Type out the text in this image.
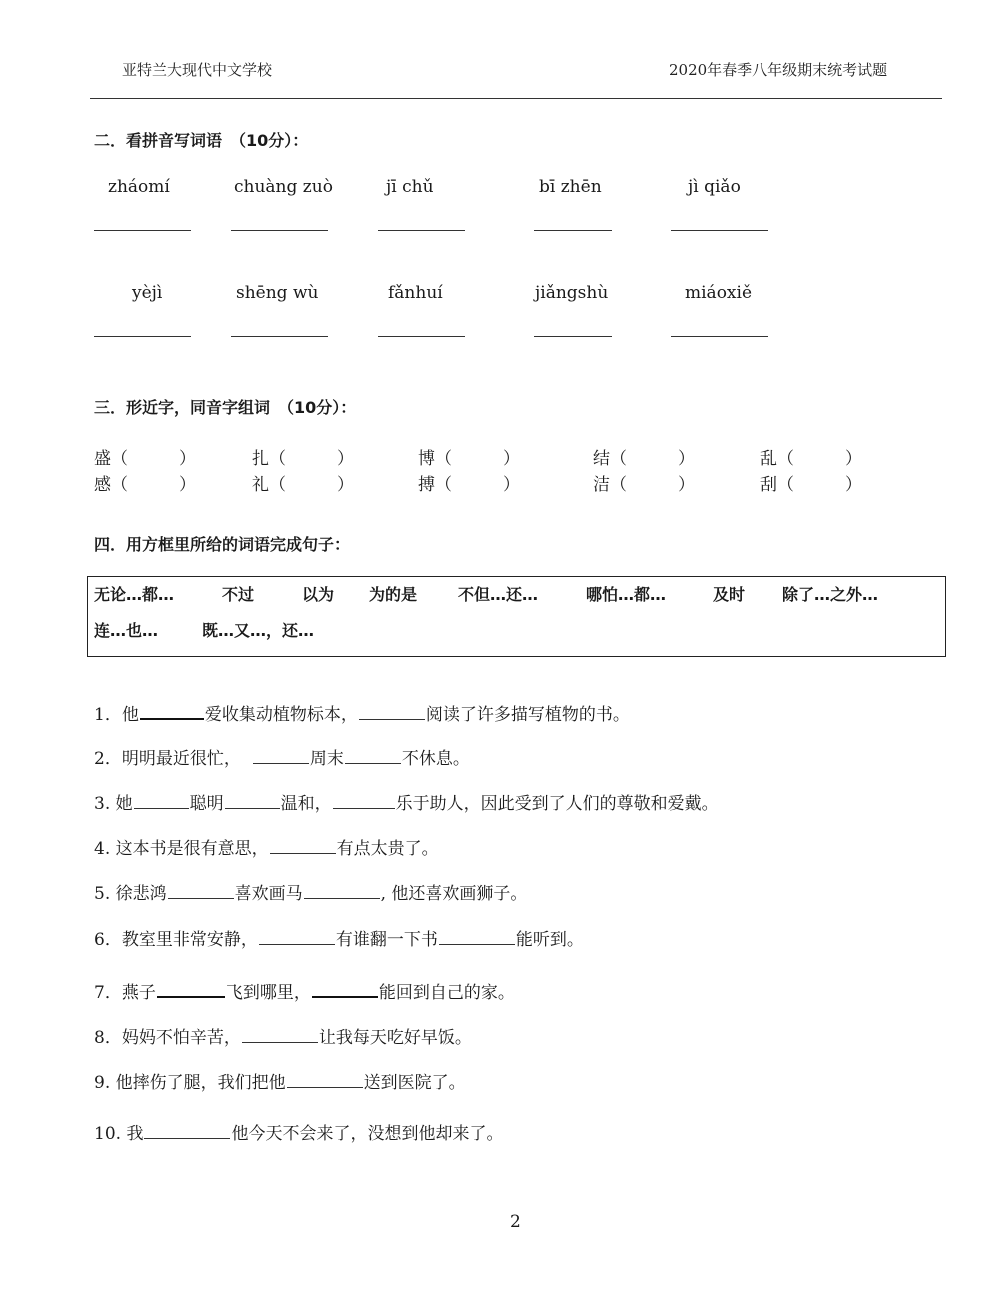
亚特兰大现代中文学校	2020年春季八年级期末统考试题
二．看拼音写词语　（10分）：
zháomí	chuàng zuò	jī chǔ	bī zhēn	jì qiǎo
yèjì	shēng wù	fǎnhuí	jiǎngshù	miáoxiě
三．形近字，同音字组词　（10分）：
盛（　　　）	扎（　　　）	博（　　　）	结（　　　）	乱（　　　）
感（　　　）	礼（　　　）	搏（　　　）	洁（　　　）	刮（　　　）
四．用方框里所给的词语完成句子：
无论…都…	不过	以为 为的是	不但…还…	哪怕…都…	及时 除了…之外…
连…也…	既…又…，还…
1．他	爱收集动植物标本，	阅读了许多描写植物的书。
2．明明最近很忙，	周末	不休息。
3. 她	聪明	温和，	乐于助人，因此受到了人们的尊敬和爱戴。
4. 这本书是很有意思，	有点太贵了。
5. 徐悲鸿	喜欢画马	, 他还喜欢画狮子。
6．教室里非常安静，	有谁翻一下书	能听到。
7．燕子	飞到哪里，	能回到自己的家。
8．妈妈不怕辛苦，	让我每天吃好早饭。
9. 他摔伤了腿，我们把他	送到医院了。
10. 我	他今天不会来了，没想到他却来了。
2
